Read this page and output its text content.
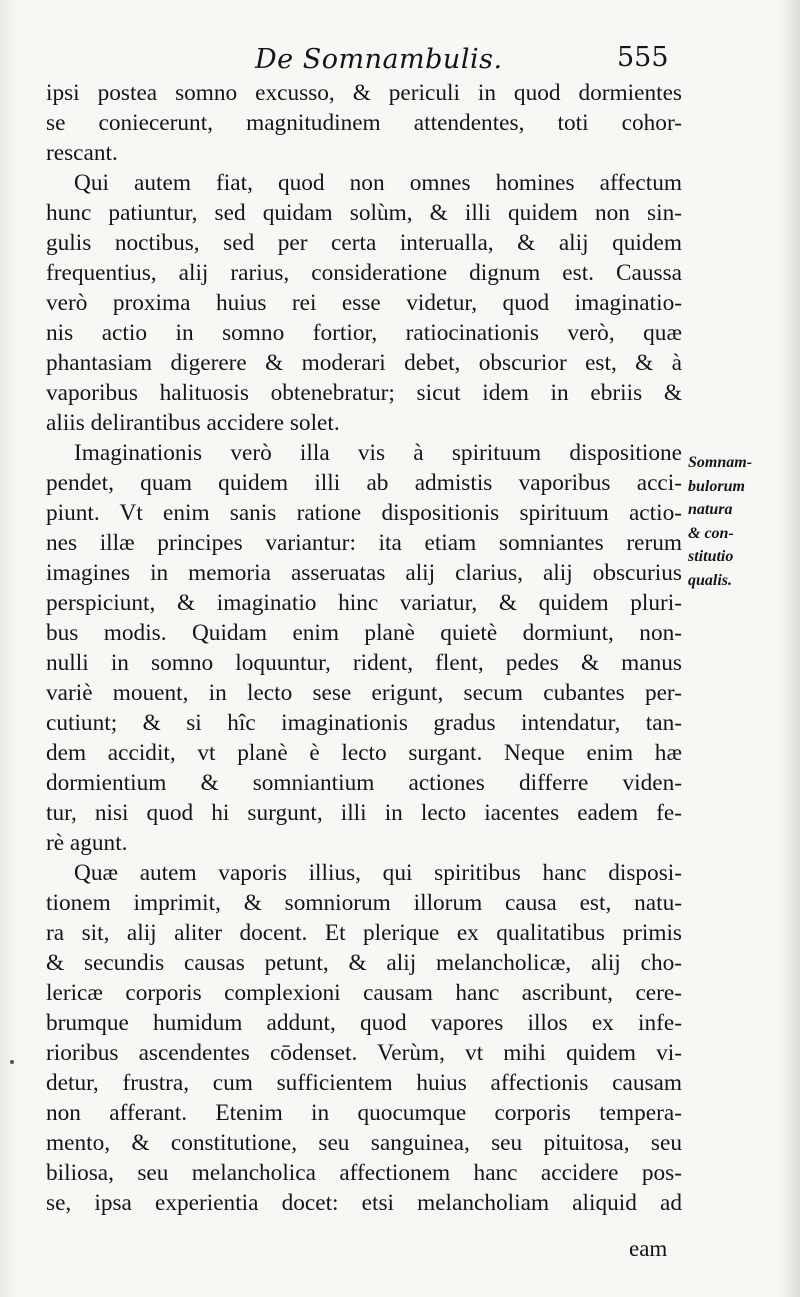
De Somnambulis.	555
ipsi postea somno excusso, & periculi in quod dormientes
se coniecerunt, magnitudinem attendentes, toti cohor-
rescant.
Qui autem fiat, quod non omnes homines affectum
hunc patiuntur, sed quidam solùm, & illi quidem non sin-
gulis noctibus, sed per certa interualla, & alij quidem
frequentius, alij rarius, consideratione dignum est. Caussa
verò proxima huius rei esse videtur, quod imaginatio-
nis actio in somno fortior, ratiocinationis verò, quæ
phantasiam digerere & moderari debet, obscurior est, & à
vaporibus halituosis obtenebratur; sicut idem in ebriis &
aliis delirantibus accidere solet.
Imaginationis verò illa vis à spirituum dispositione
pendet, quam quidem illi ab admistis vaporibus acci-
piunt. Vt enim sanis ratione dispositionis spirituum actio-
nes illæ principes variantur: ita etiam somniantes rerum
imagines in memoria asseruatas alij clarius, alij obscurius
perspiciunt, & imaginatio hinc variatur, & quidem pluri-
bus modis. Quidam enim planè quietè dormiunt, non-
nulli in somno loquuntur, rident, flent, pedes & manus
variè mouent, in lecto sese erigunt, secum cubantes per-
cutiunt; & si hîc imaginationis gradus intendatur, tan-
dem accidit, vt planè è lecto surgant. Neque enim hæ
dormientium & somniantium actiones differre viden-
tur, nisi quod hi surgunt, illi in lecto iacentes eadem fe-
rè agunt.
Quæ autem vaporis illius, qui spiritibus hanc disposi-
tionem imprimit, & somniorum illorum causa est, natu-
ra sit, alij aliter docent. Et plerique ex qualitatibus primis
& secundis causas petunt, & alij melancholicæ, alij cho-
lericæ corporis complexioni causam hanc ascribunt, cere-
brumque humidum addunt, quod vapores illos ex infe-
rioribus ascendentes cōdenset. Verùm, vt mihi quidem vi-
detur, frustra, cum sufficientem huius affectionis causam
non afferant. Etenim in quocumque corporis tempera-
mento, & constitutione, seu sanguinea, seu pituitosa, seu
biliosa, seu melancholica affectionem hanc accidere pos-
se, ipsa experientia docet: etsi melancholiam aliquid ad
Somnam-
bulorum
natura
& con-
stitutio
qualis.
eam
